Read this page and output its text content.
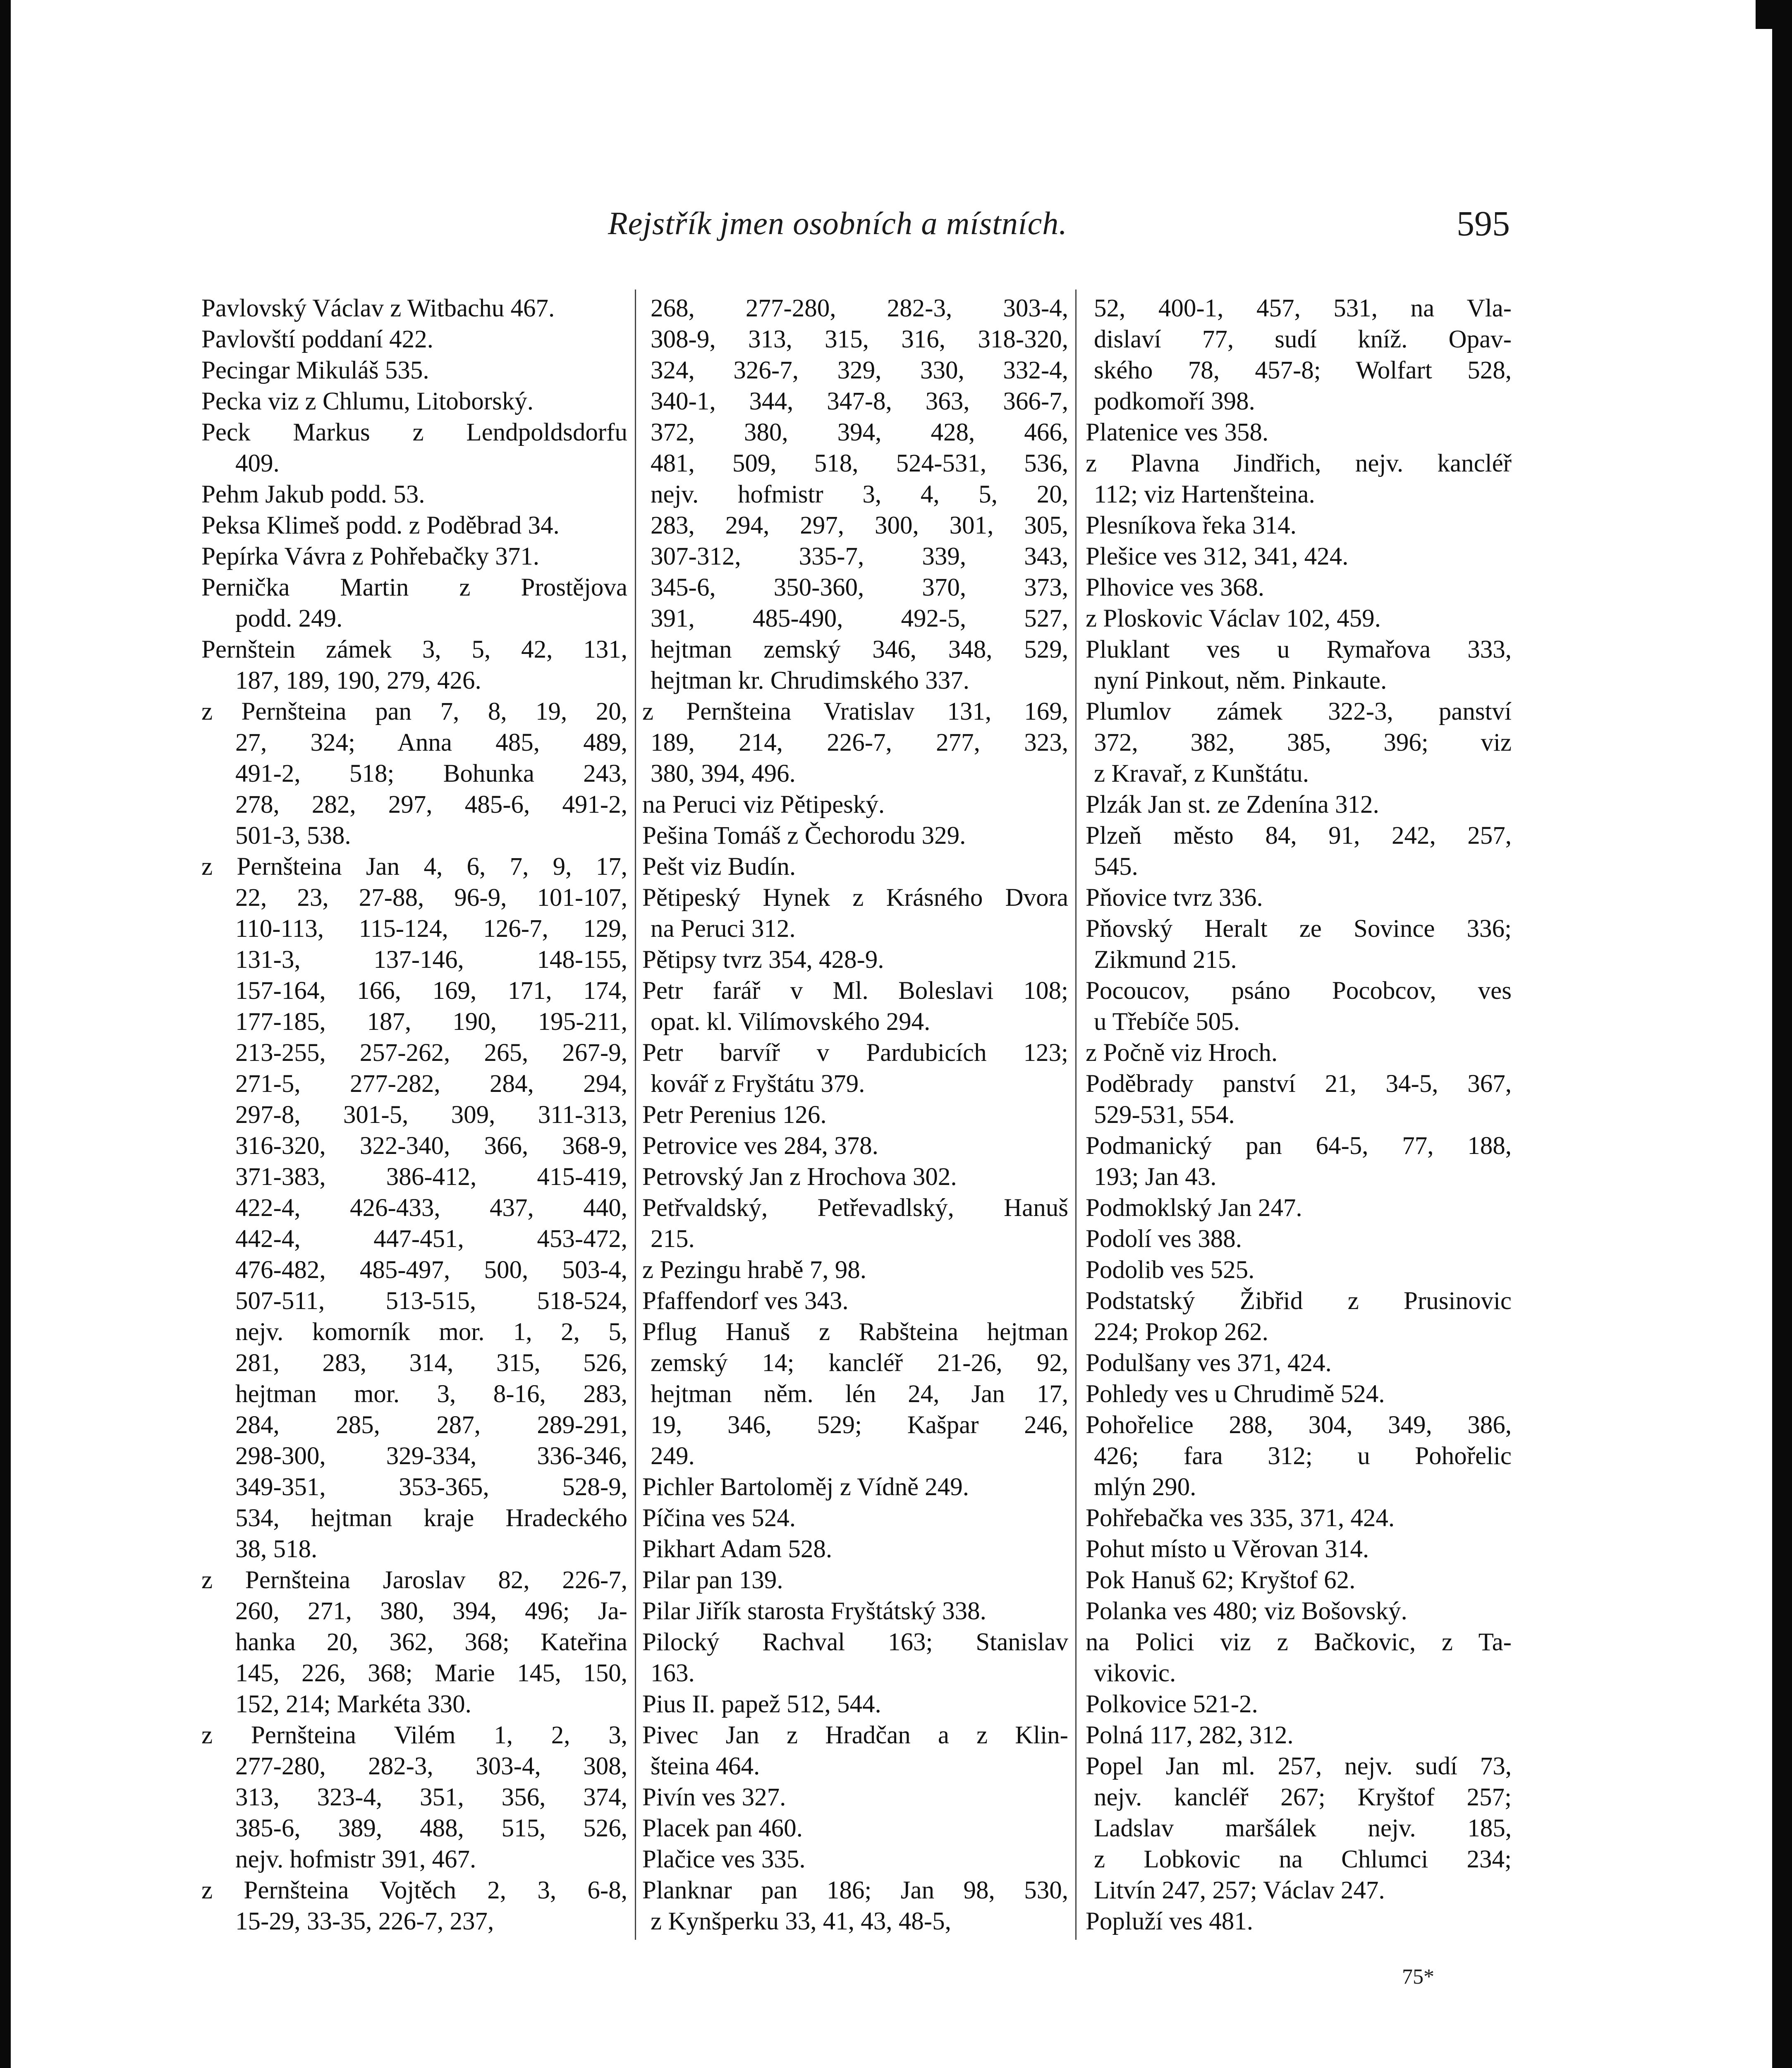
Rejstřík jmen osobních a místních.	595
Pavlovský Václav z Witbachu 467.
Pavlovští poddaní 422.
Pecingar Mikuláš 535.
Pecka viz z Chlumu, Litoborský.
Peck Markus z Lendpoldsdorfu
409.
Pehm Jakub podd. 53.
Peksa Klimeš podd. z Poděbrad 34.
Pepírka Vávra z Pohřebačky 371.
Pernička Martin z Prostějova
podd. 249.
Pernštein zámek 3, 5, 42, 131,
187, 189, 190, 279, 426.
z Pernšteina pan 7, 8, 19, 20,
27, 324; Anna 485, 489,
491-2, 518; Bohunka 243,
278, 282, 297, 485-6, 491-2,
501-3, 538.
z Pernšteina Jan 4, 6, 7, 9, 17,
22, 23, 27-88, 96-9, 101-107,
110-113, 115-124, 126-7, 129,
131-3, 137-146, 148-155,
157-164, 166, 169, 171, 174,
177-185, 187, 190, 195-211,
213-255, 257-262, 265, 267-9,
271-5, 277-282, 284, 294,
297-8, 301-5, 309, 311-313,
316-320, 322-340, 366, 368-9,
371-383, 386-412, 415-419,
422-4, 426-433, 437, 440,
442-4, 447-451, 453-472,
476-482, 485-497, 500, 503-4,
507-511, 513-515, 518-524,
nejv. komorník mor. 1, 2, 5,
281, 283, 314, 315, 526,
hejtman mor. 3, 8-16, 283,
284, 285, 287, 289-291,
298-300, 329-334, 336-346,
349-351, 353-365, 528-9,
534, hejtman kraje Hradeckého
38, 518.
z Pernšteina Jaroslav 82, 226-7,
260, 271, 380, 394, 496; Ja-
hanka 20, 362, 368; Kateřina
145, 226, 368; Marie 145, 150,
152, 214; Markéta 330.
z Pernšteina Vilém 1, 2, 3,
277-280, 282-3, 303-4, 308,
313, 323-4, 351, 356, 374,
385-6, 389, 488, 515, 526,
nejv. hofmistr 391, 467.
z Pernšteina Vojtěch 2, 3, 6-8,
15-29, 33-35, 226-7, 237,
268, 277-280, 282-3, 303-4,
308-9, 313, 315, 316, 318-320,
324, 326-7, 329, 330, 332-4,
340-1, 344, 347-8, 363, 366-7,
372, 380, 394, 428, 466,
481, 509, 518, 524-531, 536,
nejv. hofmistr 3, 4, 5, 20,
283, 294, 297, 300, 301, 305,
307-312, 335-7, 339, 343,
345-6, 350-360, 370, 373,
391, 485-490, 492-5, 527,
hejtman zemský 346, 348, 529,
hejtman kr. Chrudimského 337.
z Pernšteina Vratislav 131, 169,
189, 214, 226-7, 277, 323,
380, 394, 496.
na Peruci viz Pětipeský.
Pešina Tomáš z Čechorodu 329.
Pešt viz Budín.
Pětipeský Hynek z Krásného Dvora
na Peruci 312.
Pětipsy tvrz 354, 428-9.
Petr farář v Ml. Boleslavi 108;
opat. kl. Vilímovského 294.
Petr barvíř v Pardubicích 123;
kovář z Fryštátu 379.
Petr Perenius 126.
Petrovice ves 284, 378.
Petrovský Jan z Hrochova 302.
Petřvaldský, Petřevadlský, Hanuš
215.
z Pezingu hrabě 7, 98.
Pfaffendorf ves 343.
Pflug Hanuš z Rabšteina hejtman
zemský 14; kancléř 21-26, 92,
hejtman něm. lén 24, Jan 17,
19, 346, 529; Kašpar 246,
249.
Pichler Bartoloměj z Vídně 249.
Píčina ves 524.
Pikhart Adam 528.
Pilar pan 139.
Pilar Jiřík starosta Fryštátský 338.
Pilocký Rachval 163; Stanislav
163.
Pius II. papež 512, 544.
Pivec Jan z Hradčan a z Klin-
šteina 464.
Pivín ves 327.
Placek pan 460.
Plačice ves 335.
Planknar pan 186; Jan 98, 530,
z Kynšperku 33, 41, 43, 48-5,
52, 400-1, 457, 531, na Vla-
dislaví 77, sudí kníž. Opav-
ského 78, 457-8; Wolfart 528,
podkomoří 398.
Platenice ves 358.
z Plavna Jindřich, nejv. kancléř
112; viz Hartenšteina.
Plesníkova řeka 314.
Plešice ves 312, 341, 424.
Plhovice ves 368.
z Ploskovic Václav 102, 459.
Pluklant ves u Rymařova 333,
nyní Pinkout, něm. Pinkaute.
Plumlov zámek 322-3, panství
372, 382, 385, 396; viz
z Kravař, z Kunštátu.
Plzák Jan st. ze Zdenína 312.
Plzeň město 84, 91, 242, 257,
545.
Pňovice tvrz 336.
Pňovský Heralt ze Sovince 336;
Zikmund 215.
Pocoucov, psáno Pocobcov, ves
u Třebíče 505.
z Počně viz Hroch.
Poděbrady panství 21, 34-5, 367,
529-531, 554.
Podmanický pan 64-5, 77, 188,
193; Jan 43.
Podmoklský Jan 247.
Podolí ves 388.
Podolib ves 525.
Podstatský Žibřid z Prusinovic
224; Prokop 262.
Podulšany ves 371, 424.
Pohledy ves u Chrudimě 524.
Pohořelice 288, 304, 349, 386,
426; fara 312; u Pohořelic
mlýn 290.
Pohřebačka ves 335, 371, 424.
Pohut místo u Věrovan 314.
Pok Hanuš 62; Kryštof 62.
Polanka ves 480; viz Bošovský.
na Polici viz z Bačkovic, z Ta-
vikovic.
Polkovice 521-2.
Polná 117, 282, 312.
Popel Jan ml. 257, nejv. sudí 73,
nejv. kancléř 267; Kryštof 257;
Ladslav maršálek nejv. 185,
z Lobkovic na Chlumci 234;
Litvín 247, 257; Václav 247.
Popluží ves 481.
75*
